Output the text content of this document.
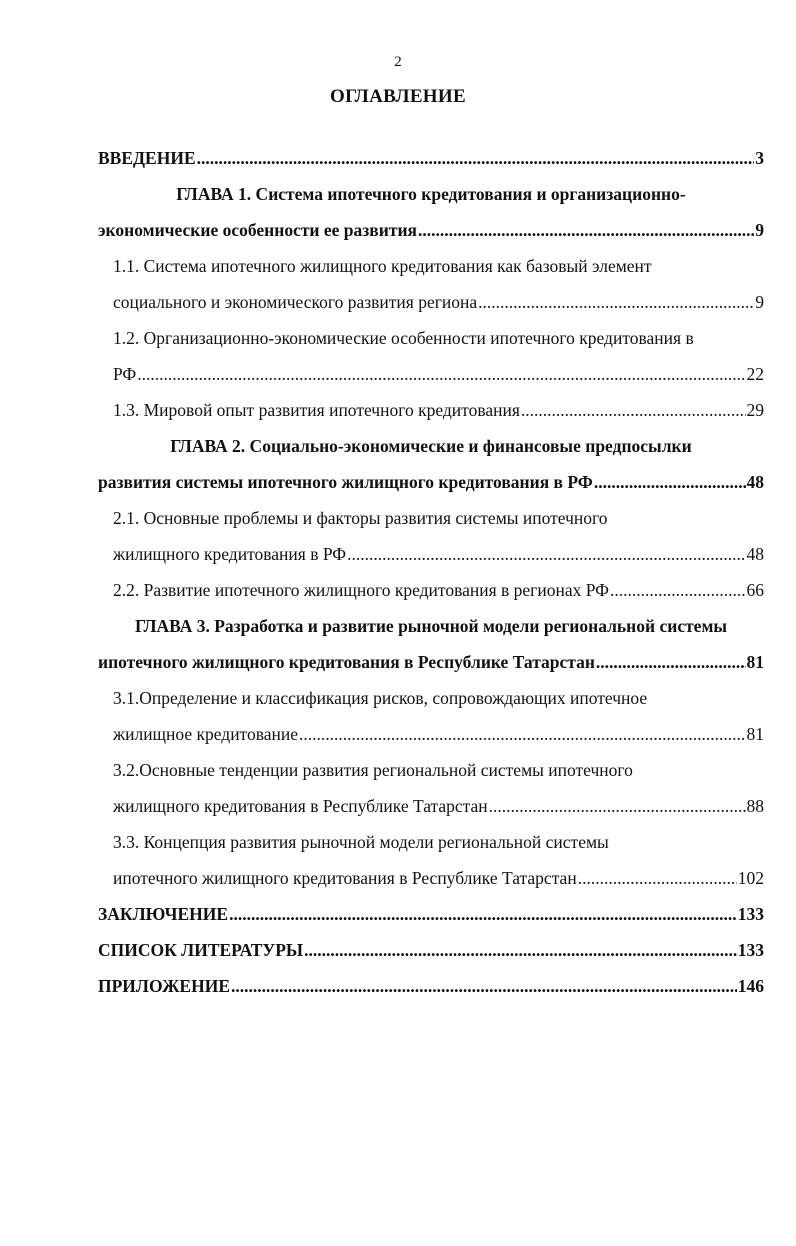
2
ОГЛАВЛЕНИЕ
ВВЕДЕНИЕ .....	3
ГЛАВА 1. Система ипотечного кредитования и организационно-
экономические особенности ее развития .....	9
1.1. Система ипотечного жилищного кредитования как базовый элемент
социального и экономического развития региона .....	9
1.2. Организационно-экономические особенности ипотечного кредитования в
РФ .....	22
1.3. Мировой опыт развития ипотечного кредитования .....	29
ГЛАВА 2. Социально-экономические и финансовые предпосылки
развития системы ипотечного жилищного кредитования в РФ .....	48
2.1. Основные проблемы и факторы развития системы ипотечного
жилищного кредитования в РФ .....	48
2.2. Развитие ипотечного жилищного кредитования в регионах РФ .....	66
ГЛАВА 3. Разработка и развитие рыночной модели региональной системы
ипотечного жилищного кредитования в Республике Татарстан .....	81
3.1.Определение и классификация рисков, сопровождающих ипотечное
жилищное кредитование .....	81
3.2.Основные тенденции развития региональной системы ипотечного
жилищного кредитования в Республике Татарстан .....	88
3.3. Концепция развития рыночной модели региональной системы
ипотечного жилищного кредитования в Республике Татарстан .....	102
ЗАКЛЮЧЕНИЕ .....	133
СПИСОК ЛИТЕРАТУРЫ .....	133
ПРИЛОЖЕНИЕ .....	146
